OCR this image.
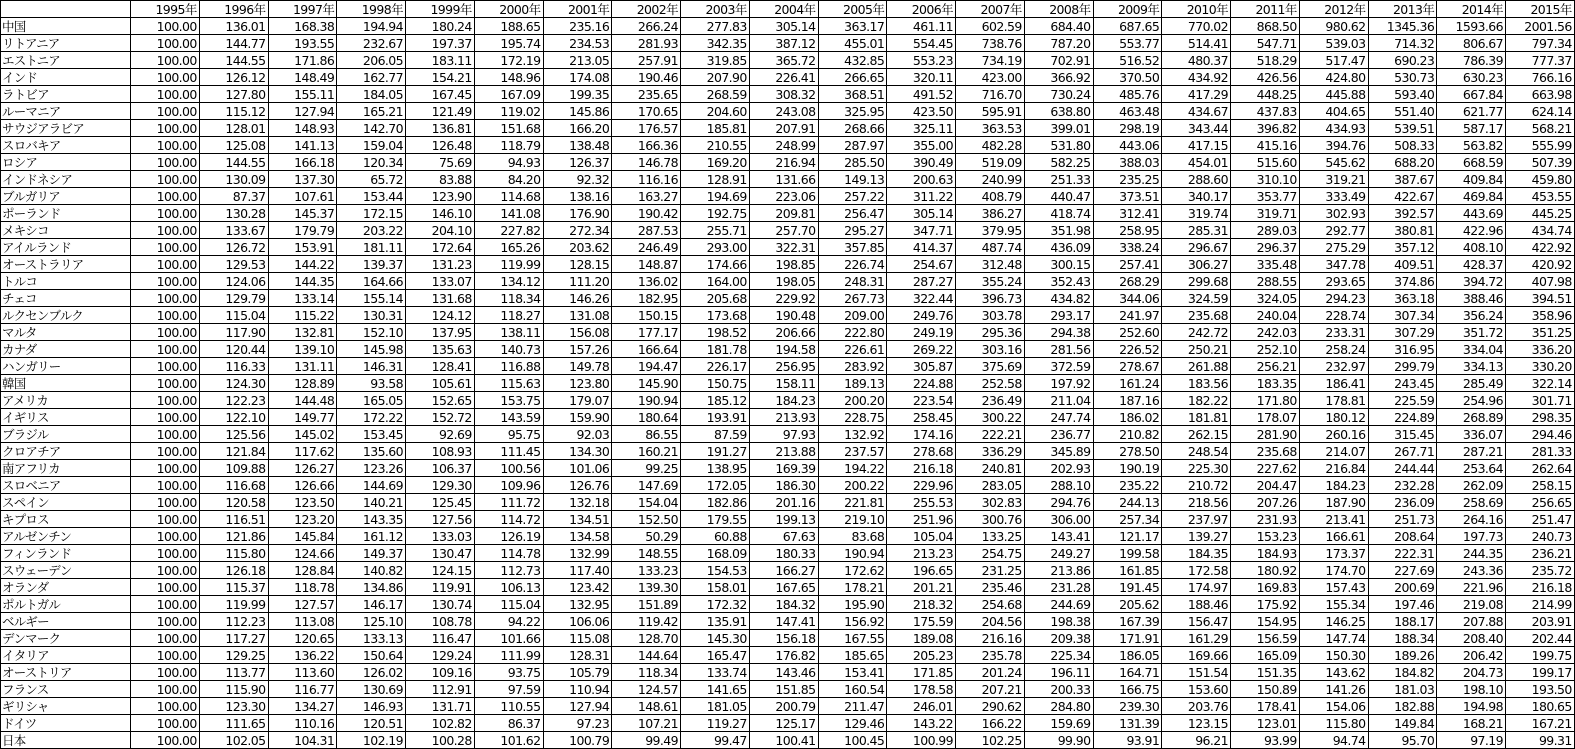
	1995年	1996年	1997年	1998年	1999年	2000年	2001年	2002年	2003年	2004年	2005年	2006年	2007年	2008年	2009年	2010年	2011年	2012年	2013年	2014年	2015年
中国	100.00	136.01	168.38	194.94	180.24	188.65	235.16	266.24	277.83	305.14	363.17	461.11	602.59	684.40	687.65	770.02	868.50	980.62	1345.36	1593.66	2001.56
リトアニア	100.00	144.77	193.55	232.67	197.37	195.74	234.53	281.93	342.35	387.12	455.01	554.45	738.76	787.20	553.77	514.41	547.71	539.03	714.32	806.67	797.34
エストニア	100.00	144.55	171.86	206.05	183.11	172.19	213.05	257.91	319.85	365.72	432.85	553.23	734.19	702.91	516.52	480.37	518.29	517.47	690.23	786.39	777.37
インド	100.00	126.12	148.49	162.77	154.21	148.96	174.08	190.46	207.90	226.41	266.65	320.11	423.00	366.92	370.50	434.92	426.56	424.80	530.73	630.23	766.16
ラトビア	100.00	127.80	155.11	184.05	167.45	167.09	199.35	235.65	268.59	308.32	368.51	491.52	716.70	730.24	485.76	417.29	448.25	445.88	593.40	667.84	663.98
ルーマニア	100.00	115.12	127.94	165.21	121.49	119.02	145.86	170.65	204.60	243.08	325.95	423.50	595.91	638.80	463.48	434.67	437.83	404.65	551.40	621.77	624.14
サウジアラビア	100.00	128.01	148.93	142.70	136.81	151.68	166.20	176.57	185.81	207.91	268.66	325.11	363.53	399.01	298.19	343.44	396.82	434.93	539.51	587.17	568.21
スロバキア	100.00	125.08	141.13	159.04	126.48	118.79	138.48	166.36	210.55	248.99	287.97	355.00	482.28	531.80	443.06	417.15	415.16	394.76	508.33	563.82	555.99
ロシア	100.00	144.55	166.18	120.34	75.69	94.93	126.37	146.78	169.20	216.94	285.50	390.49	519.09	582.25	388.03	454.01	515.60	545.62	688.20	668.59	507.39
インドネシア	100.00	130.09	137.30	65.72	83.88	84.20	92.32	116.16	128.91	131.66	149.13	200.63	240.99	251.33	235.25	288.60	310.10	319.21	387.67	409.84	459.80
ブルガリア	100.00	87.37	107.61	153.44	123.90	114.68	138.16	163.27	194.69	223.06	257.22	311.22	408.79	440.47	373.51	340.17	353.77	333.49	422.67	469.84	453.55
ポーランド	100.00	130.28	145.37	172.15	146.10	141.08	176.90	190.42	192.75	209.81	256.47	305.14	386.27	418.74	312.41	319.74	319.71	302.93	392.57	443.69	445.25
メキシコ	100.00	133.67	179.79	203.22	204.10	227.82	272.34	287.53	255.71	257.70	295.27	347.71	379.95	351.98	258.95	285.31	289.03	292.77	380.81	422.96	434.74
アイルランド	100.00	126.72	153.91	181.11	172.64	165.26	203.62	246.49	293.00	322.31	357.85	414.37	487.74	436.09	338.24	296.67	296.37	275.29	357.12	408.10	422.92
オーストラリア	100.00	129.53	144.22	139.37	131.23	119.99	128.15	148.87	174.66	198.85	226.74	254.67	312.48	300.15	257.41	306.27	335.48	347.78	409.51	428.37	420.92
トルコ	100.00	124.06	144.35	164.66	133.07	134.12	111.20	136.02	164.00	198.05	248.31	287.27	355.24	352.43	268.29	299.68	288.55	293.65	374.86	394.72	407.98
チェコ	100.00	129.79	133.14	155.14	131.68	118.34	146.26	182.95	205.68	229.92	267.73	322.44	396.73	434.82	344.06	324.59	324.05	294.23	363.18	388.46	394.51
ルクセンブルク	100.00	115.04	115.22	130.31	124.12	118.27	131.08	150.15	173.68	190.48	209.00	249.76	303.78	293.17	241.97	235.68	240.04	228.74	307.34	356.24	358.96
マルタ	100.00	117.90	132.81	152.10	137.95	138.11	156.08	177.17	198.52	206.66	222.80	249.19	295.36	294.38	252.60	242.72	242.03	233.31	307.29	351.72	351.25
カナダ	100.00	120.44	139.10	145.98	135.63	140.73	157.26	166.64	181.78	194.58	226.61	269.22	303.16	281.56	226.52	250.21	252.10	258.24	316.95	334.04	336.20
ハンガリー	100.00	116.33	131.11	146.31	128.41	116.88	149.78	194.47	226.17	256.95	283.92	305.87	375.69	372.59	278.67	261.88	256.21	232.97	299.79	334.13	330.20
韓国	100.00	124.30	128.89	93.58	105.61	115.63	123.80	145.90	150.75	158.11	189.13	224.88	252.58	197.92	161.24	183.56	183.35	186.41	243.45	285.49	322.14
アメリカ	100.00	122.23	144.48	165.05	152.65	153.75	179.07	190.94	185.12	184.23	200.20	223.54	236.49	211.04	187.16	182.22	171.80	178.81	225.59	254.96	301.71
イギリス	100.00	122.10	149.77	172.22	152.72	143.59	159.90	180.64	193.91	213.93	228.75	258.45	300.22	247.74	186.02	181.81	178.07	180.12	224.89	268.89	298.35
ブラジル	100.00	125.56	145.02	153.45	92.69	95.75	92.03	86.55	87.59	97.93	132.92	174.16	222.21	236.77	210.82	262.15	281.90	260.16	315.45	336.07	294.46
クロアチア	100.00	121.84	117.62	135.60	108.93	111.45	134.30	160.21	191.27	213.88	237.57	278.68	336.29	345.89	278.50	248.54	235.68	214.07	267.71	287.21	281.33
南アフリカ	100.00	109.88	126.27	123.26	106.37	100.56	101.06	99.25	138.95	169.39	194.22	216.18	240.81	202.93	190.19	225.30	227.62	216.84	244.44	253.64	262.64
スロベニア	100.00	116.68	126.66	144.69	129.30	109.96	126.76	147.69	172.05	186.30	200.22	229.96	283.05	288.10	235.22	210.72	204.47	184.23	232.28	262.09	258.15
スペイン	100.00	120.58	123.50	140.21	125.45	111.72	132.18	154.04	182.86	201.16	221.81	255.53	302.83	294.76	244.13	218.56	207.26	187.90	236.09	258.69	256.65
キプロス	100.00	116.51	123.20	143.35	127.56	114.72	134.51	152.50	179.55	199.13	219.10	251.96	300.76	306.00	257.34	237.97	231.93	213.41	251.73	264.16	251.47
アルゼンチン	100.00	121.86	145.84	161.12	133.03	126.19	134.58	50.29	60.88	67.63	83.68	105.04	133.25	143.41	121.17	139.27	153.23	166.61	208.64	197.73	240.73
フィンランド	100.00	115.80	124.66	149.37	130.47	114.78	132.99	148.55	168.09	180.33	190.94	213.23	254.75	249.27	199.58	184.35	184.93	173.37	222.31	244.35	236.21
スウェーデン	100.00	126.18	128.84	140.82	124.15	112.73	117.40	133.23	154.53	166.27	172.62	196.65	231.25	213.86	161.85	172.58	180.92	174.70	227.69	243.36	235.72
オランダ	100.00	115.37	118.78	134.86	119.91	106.13	123.42	139.30	158.01	167.65	178.21	201.21	235.46	231.28	191.45	174.97	169.83	157.43	200.69	221.96	216.18
ポルトガル	100.00	119.99	127.57	146.17	130.74	115.04	132.95	151.89	172.32	184.32	195.90	218.32	254.68	244.69	205.62	188.46	175.92	155.34	197.46	219.08	214.99
ベルギー	100.00	112.23	113.08	125.10	108.78	94.22	106.06	119.42	135.91	147.41	156.92	175.59	204.56	198.38	167.39	156.47	154.95	146.25	188.17	207.88	203.91
デンマーク	100.00	117.27	120.65	133.13	116.47	101.66	115.08	128.70	145.30	156.18	167.55	189.08	216.16	209.38	171.91	161.29	156.59	147.74	188.34	208.40	202.44
イタリア	100.00	129.25	136.22	150.64	129.24	111.99	128.31	144.64	165.47	176.82	185.65	205.23	235.78	225.34	186.05	169.66	165.09	150.30	189.26	206.42	199.75
オーストリア	100.00	113.77	113.60	126.02	109.16	93.75	105.79	118.34	133.74	143.46	153.41	171.85	201.24	196.11	164.71	151.54	151.35	143.62	184.82	204.73	199.17
フランス	100.00	115.90	116.77	130.69	112.91	97.59	110.94	124.57	141.65	151.85	160.54	178.58	207.21	200.33	166.75	153.60	150.89	141.26	181.03	198.10	193.50
ギリシャ	100.00	123.30	134.27	146.93	131.71	110.55	127.94	148.61	181.05	200.79	211.47	246.01	290.62	284.80	239.30	203.76	178.41	154.06	182.88	194.98	180.65
ドイツ	100.00	111.65	110.16	120.51	102.82	86.37	97.23	107.21	119.27	125.17	129.46	143.22	166.22	159.69	131.39	123.15	123.01	115.80	149.84	168.21	167.21
日本	100.00	102.05	104.31	102.19	100.28	101.62	100.79	99.49	99.47	100.41	100.45	100.99	102.25	99.90	93.91	96.21	93.99	94.74	95.70	97.19	99.31
